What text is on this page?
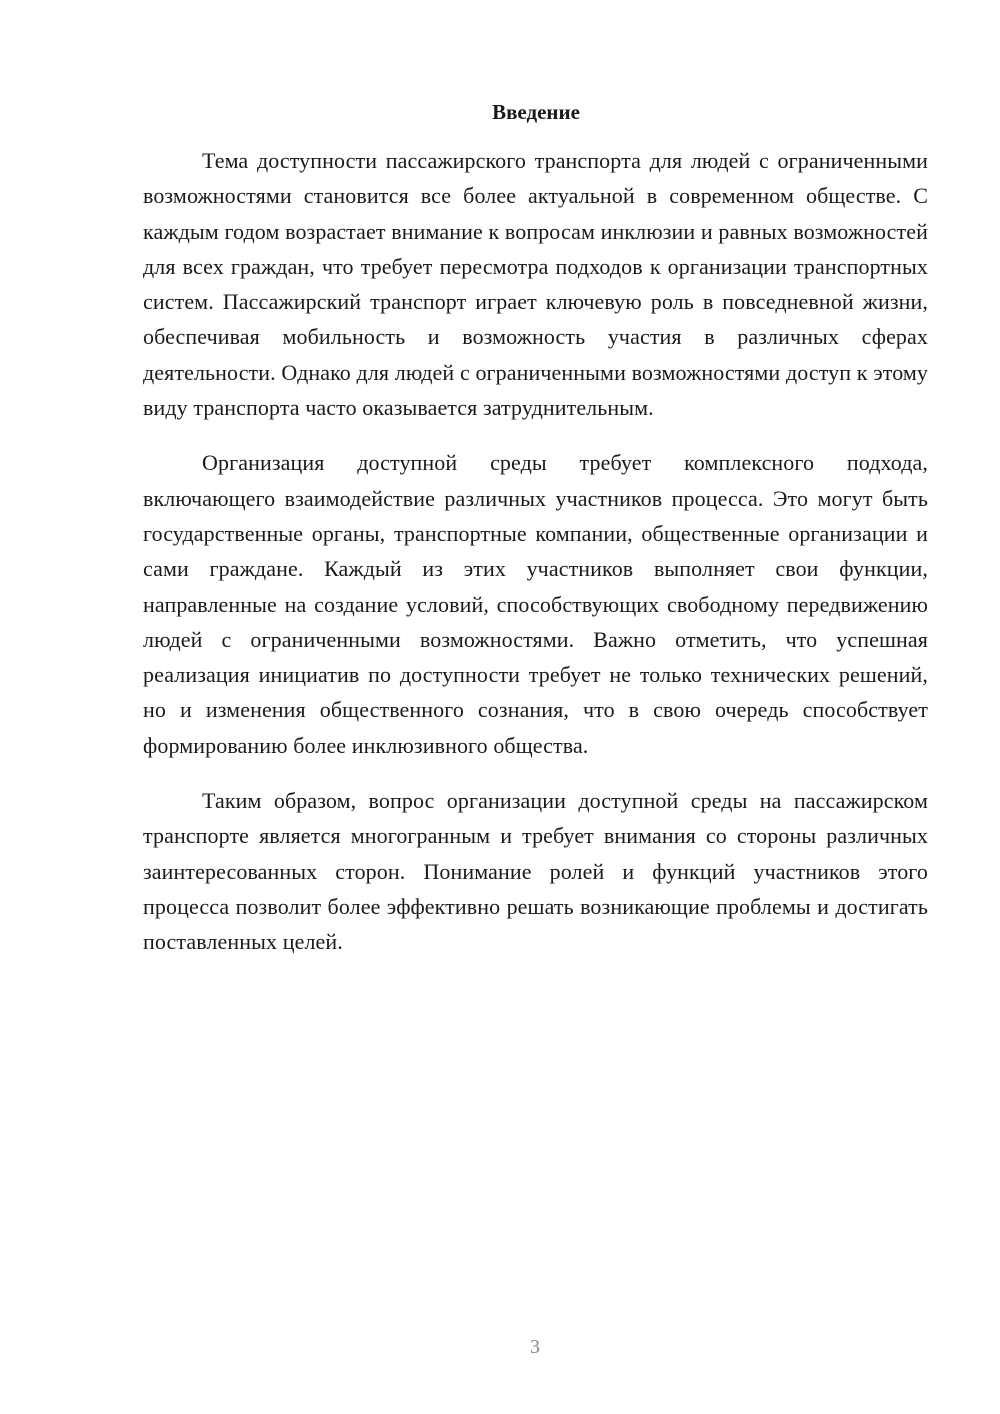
Введение

Тема доступности пассажирского транспорта для людей с ограниченными возможностями становится все более актуальной в современном обществе. С каждым годом возрастает внимание к вопросам инклюзии и равных возможностей для всех граждан, что требует пересмотра подходов к организации транспортных систем. Пассажирский транспорт играет ключевую роль в повседневной жизни, обеспечивая мобильность и возможность участия в различных сферах деятельности. Однако для людей с ограниченными возможностями доступ к этому виду транспорта часто оказывается затруднительным.

Организация доступной среды требует комплексного подхода, включающего взаимодействие различных участников процесса. Это могут быть государственные органы, транспортные компании, общественные организации и сами граждане. Каждый из этих участников выполняет свои функции, направленные на создание условий, способствующих свободному передвижению людей с ограниченными возможностями. Важно отметить, что успешная реализация инициатив по доступности требует не только технических решений, но и изменения общественного сознания, что в свою очередь способствует формированию более инклюзивного общества.

Таким образом, вопрос организации доступной среды на пассажирском транспорте является многогранным и требует внимания со стороны различных заинтересованных сторон. Понимание ролей и функций участников этого процесса позволит более эффективно решать возникающие проблемы и достигать поставленных целей.

3
